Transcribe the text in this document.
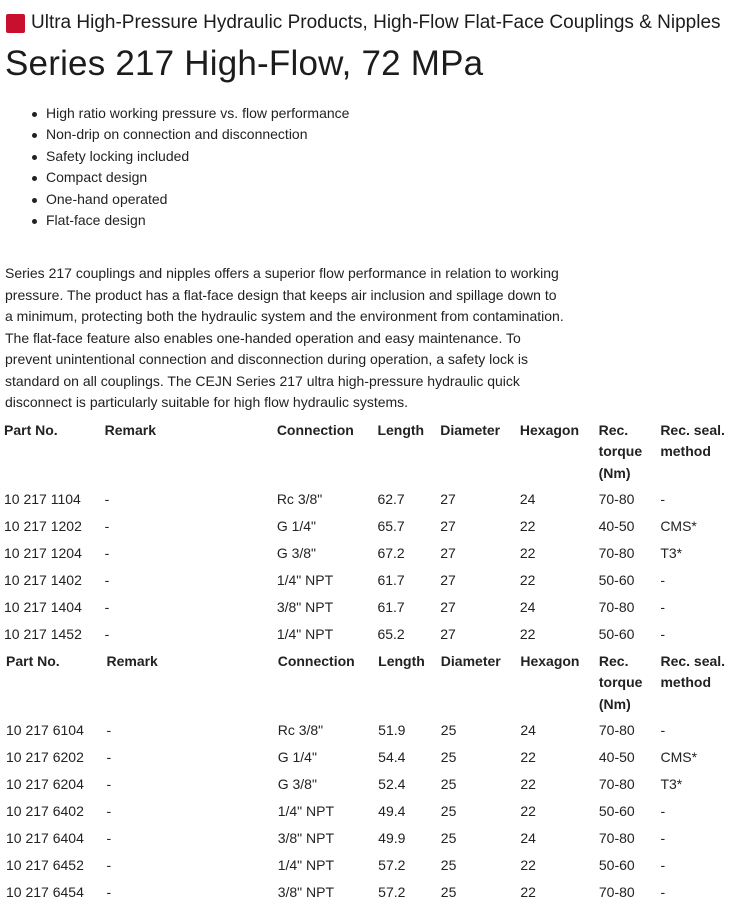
Ultra High-Pressure Hydraulic Products, High-Flow Flat-Face Couplings & Nipples
Series 217 High-Flow, 72 MPa
High ratio working pressure vs. flow performance
Non-drip on connection and disconnection
Safety locking included
Compact design
One-hand operated
Flat-face design

Series 217 couplings and nipples offers a superior flow performance in relation to working pressure. The product has a flat-face design that keeps air inclusion and spillage down to a minimum, protecting both the hydraulic system and the environment from contamination. The flat-face feature also enables one-handed operation and easy maintenance. To prevent unintentional connection and disconnection during operation, a safety lock is standard on all couplings. The CEJN Series 217 ultra high-pressure hydraulic quick disconnect is particularly suitable for high flow hydraulic systems.

Part No.	Remark	Connection	Length	Diameter	Hexagon	Rec. torque (Nm)	Rec. seal. method
10 217 1104	-	Rc 3/8"	62.7	27	24	70-80	-
10 217 1202	-	G 1/4"	65.7	27	22	40-50	CMS*
10 217 1204	-	G 3/8"	67.2	27	22	70-80	T3*
10 217 1402	-	1/4" NPT	61.7	27	22	50-60	-
10 217 1404	-	3/8" NPT	61.7	27	24	70-80	-
10 217 1452	-	1/4" NPT	65.2	27	22	50-60	-
Part No.	Remark	Connection	Length	Diameter	Hexagon	Rec. torque (Nm)	Rec. seal. method
10 217 6104	-	Rc 3/8"	51.9	25	24	70-80	-
10 217 6202	-	G 1/4"	54.4	25	22	40-50	CMS*
10 217 6204	-	G 3/8"	52.4	25	22	70-80	T3*
10 217 6402	-	1/4" NPT	49.4	25	22	50-60	-
10 217 6404	-	3/8" NPT	49.9	25	24	70-80	-
10 217 6452	-	1/4" NPT	57.2	25	22	50-60	-
10 217 6454	-	3/8" NPT	57.2	25	22	70-80	-
